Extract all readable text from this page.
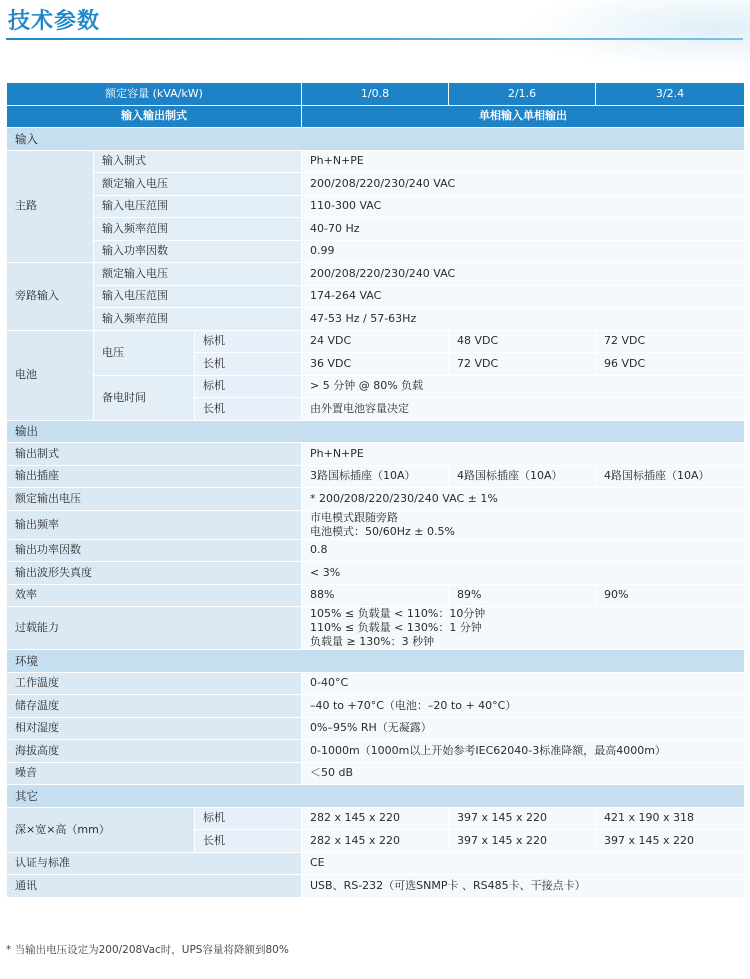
技术参数
额定容量 (kVA/kW)			1/0.8	2/1.6	3/2.4
输入输出制式			单相输入单相输出		
输入					
主路	输入制式		Ph+N+PE		
	额定输入电压		200/208/220/230/240 VAC		
	输入电压范围		110-300 VAC		
	输入频率范围		40-70 Hz		
	输入功率因数		0.99		
旁路输入	额定输入电压		200/208/220/230/240 VAC		
	输入电压范围		174-264 VAC		
	输入频率范围		47-53 Hz / 57-63Hz		
电池	电压	标机	24 VDC	48 VDC	72 VDC
		长机	36 VDC	72 VDC	96 VDC
	备电时间	标机	> 5 分钟 @ 80% 负载		
		长机	由外置电池容量决定		
输出					
输出制式			Ph+N+PE		
输出插座			3路国标插座（10A）	4路国标插座（10A）	4路国标插座（10A）
额定输出电压			* 200/208/220/230/240 VAC ± 1%		
输出频率			市电模式跟随旁路
电池模式：50/60Hz ± 0.5%		

输出功率因数			0.8		
输出波形失真度			< 3%		
效率			88%	89%	90%
过载能力			105% ≤ 负载量 < 110%：10分钟
110% ≤ 负载量 < 130%：1 分钟
负载量 ≥ 130%：3 秒钟		

环境					
工作温度			0-40°C		
储存温度			–40 to +70°C（电池：–20 to + 40°C）		
相对湿度			0%–95% RH（无凝露）		
海拔高度			0-1000m（1000m以上开始参考IEC62040-3标准降额，最高4000m）		
噪音			＜50 dB		
其它					
深×宽×高（mm）		标机	282 x 145 x 220	397 x 145 x 220	421 x 190 x 318
		长机	282 x 145 x 220	397 x 145 x 220	397 x 145 x 220
认证与标准			CE		
通讯			USB、RS-232（可选SNMP卡 、RS485卡、干接点卡）		
* 当输出电压设定为200/208Vac时，UPS容量将降额到80%
